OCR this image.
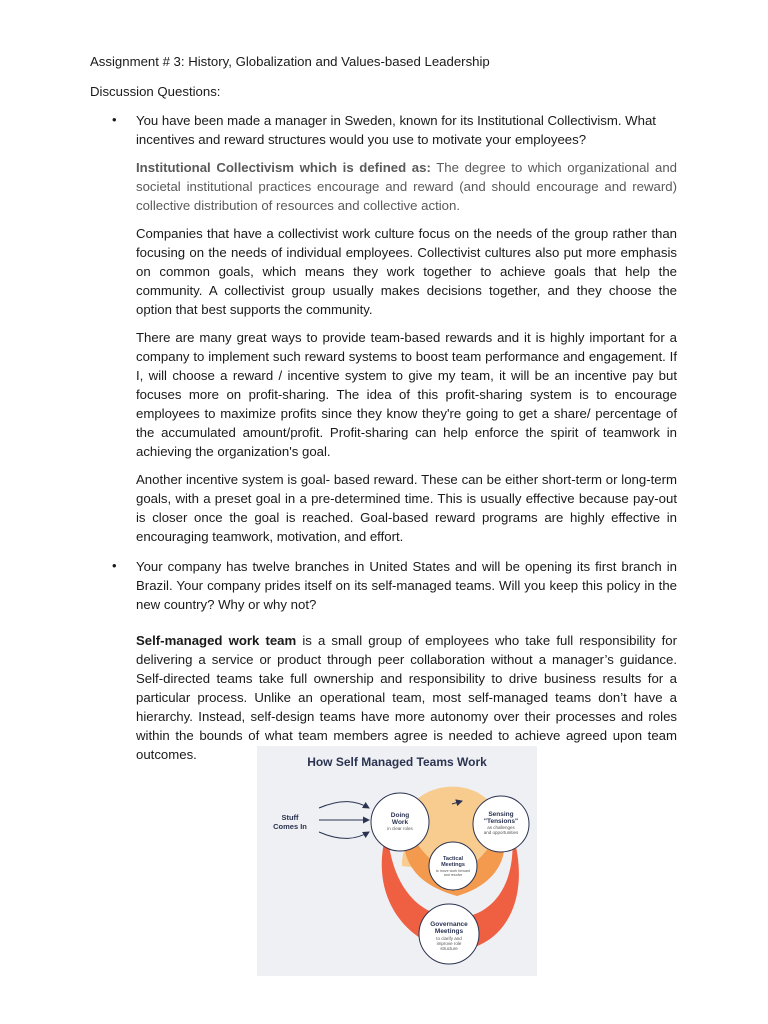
Assignment # 3: History, Globalization and Values-based Leadership
Discussion Questions:
• You have been made a manager in Sweden, known for its Institutional Collectivism. What incentives and reward structures would you use to motivate your employees?
Institutional Collectivism which is defined as: The degree to which organizational and societal institutional practices encourage and reward (and should encourage and reward) collective distribution of resources and collective action.
Companies that have a collectivist work culture focus on the needs of the group rather than focusing on the needs of individual employees. Collectivist cultures also put more emphasis on common goals, which means they work together to achieve goals that help the community. A collectivist group usually makes decisions together, and they choose the option that best supports the community.
There are many great ways to provide team-based rewards and it is highly important for a company to implement such reward systems to boost team performance and engagement. If I, will choose a reward / incentive system to give my team, it will be an incentive pay but focuses more on profit-sharing. The idea of this profit-sharing system is to encourage employees to maximize profits since they know they're going to get a share/ percentage of the accumulated amount/profit. Profit-sharing can help enforce the spirit of teamwork in achieving the organization's goal.
Another incentive system is goal- based reward. These can be either short-term or long-term goals, with a preset goal in a pre-determined time. This is usually effective because pay-out is closer once the goal is reached. Goal-based reward programs are highly effective in encouraging teamwork, motivation, and effort.
• Your company has twelve branches in United States and will be opening its first branch in Brazil. Your company prides itself on its self-managed teams. Will you keep this policy in the new country? Why or why not?
Self-managed work team is a small group of employees who take full responsibility for delivering a service or product through peer collaboration without a manager’s guidance. Self-directed teams take full ownership and responsibility to drive business results for a particular process. Unlike an operational team, most self-managed teams don’t have a hierarchy. Instead, self-design teams have more autonomy over their processes and roles within the bounds of what team members agree is needed to achieve agreed upon team outcomes.	How Self Managed Teams Work
Stuff
Comes In
Doing
Work
in clear roles
Sensing
"Tensions"
as challenges
and opportunities
Tactical
Meetings
to move work forward
and resolve
Governance
Meetings
to clarify and
improve role
structure
